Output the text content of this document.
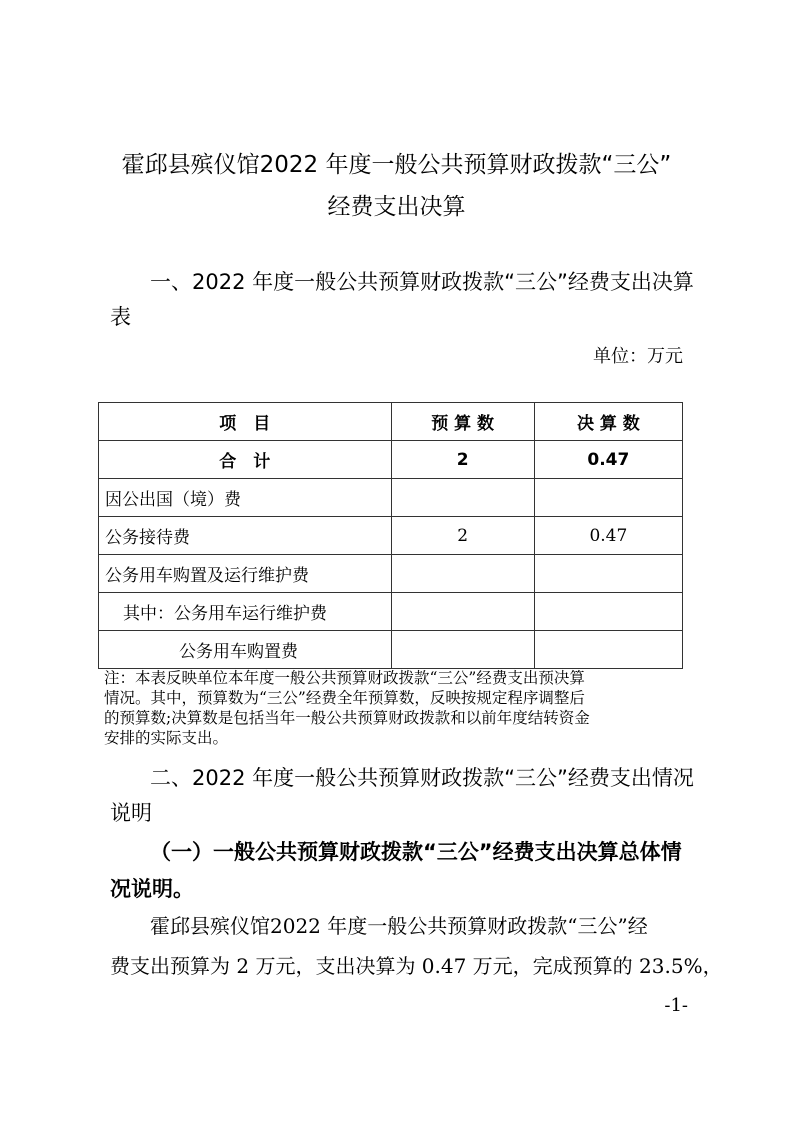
霍邱县殡仪馆2022 年度一般公共预算财政拨款“三公”
经费支出决算
一、2022 年度一般公共预算财政拨款“三公”经费支出决算
表
单位：万元
项　目	预 算 数	决 算 数
合　计	2	0.47
因公出国（境）费		
公务接待费	2	0.47
公务用车购置及运行维护费		
其中：公务用车运行维护费		
公务用车购置费		
注：本表反映单位本年度一般公共预算财政拨款“三公”经费支出预决算
情况。其中，预算数为“三公”经费全年预算数，反映按规定程序调整后
的预算数;决算数是包括当年一般公共预算财政拨款和以前年度结转资金
安排的实际支出。
二、2022 年度一般公共预算财政拨款“三公”经费支出情况
说明
（一）一般公共预算财政拨款“三公”经费支出决算总体情
况说明。
霍邱县殡仪馆2022 年度一般公共预算财政拨款“三公”经
费支出预算为 2 万元，支出决算为 0.47 万元，完成预算的 23.5%，
-1-
